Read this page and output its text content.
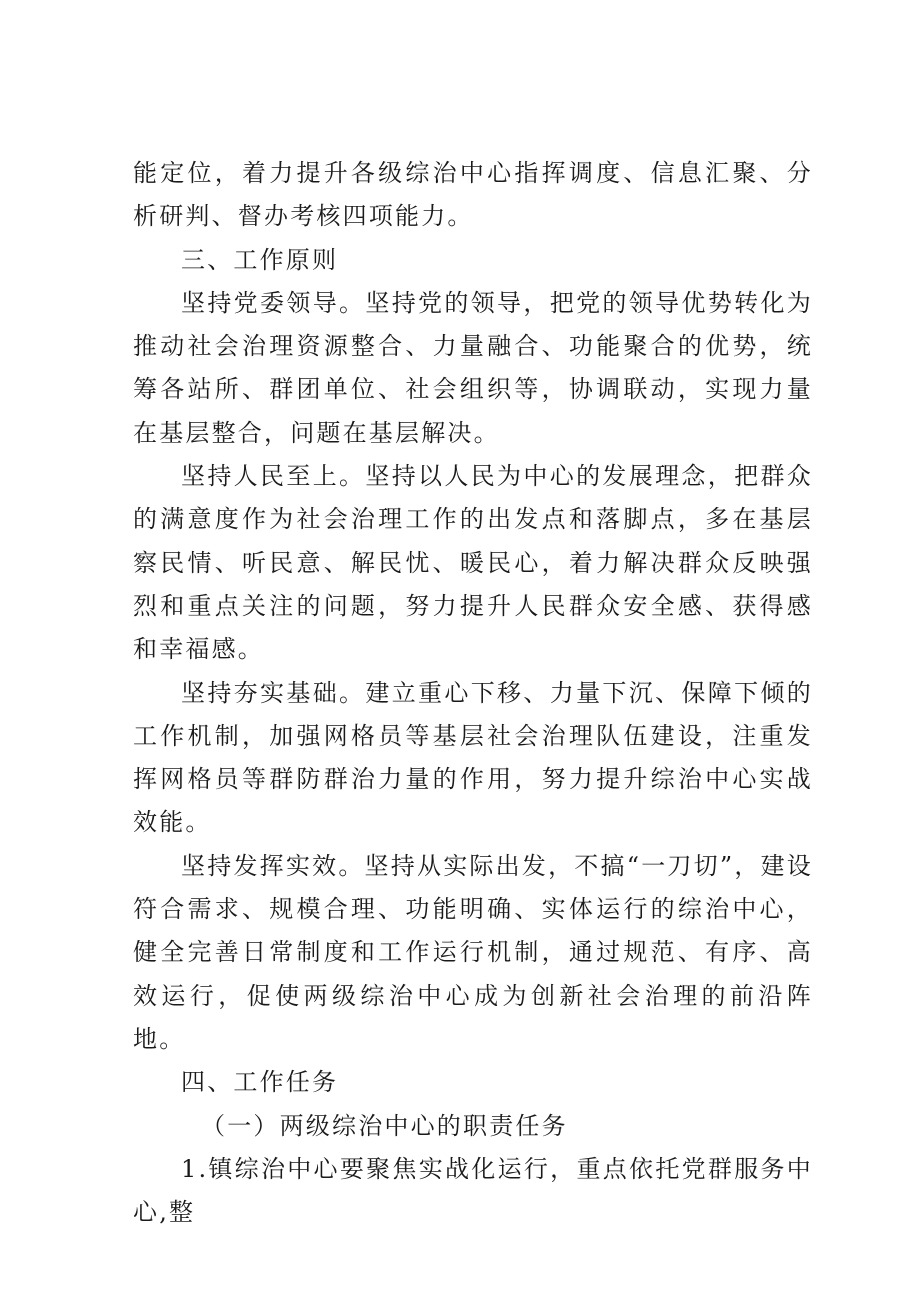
能定位，着力提升各级综治中心指挥调度、信息汇聚、分析研判、督办考核四项能力。

三、工作原则

坚持党委领导。坚持党的领导，把党的领导优势转化为推动社会治理资源整合、力量融合、功能聚合的优势，统筹各站所、群团单位、社会组织等，协调联动，实现力量在基层整合，问题在基层解决。

坚持人民至上。坚持以人民为中心的发展理念，把群众的满意度作为社会治理工作的出发点和落脚点，多在基层察民情、听民意、解民忧、暖民心，着力解决群众反映强烈和重点关注的问题，努力提升人民群众安全感、获得感和幸福感。

坚持夯实基础。建立重心下移、力量下沉、保障下倾的工作机制，加强网格员等基层社会治理队伍建设，注重发挥网格员等群防群治力量的作用，努力提升综治中心实战效能。

坚持发挥实效。坚持从实际出发，不搞“一刀切”，建设符合需求、规模合理、功能明确、实体运行的综治中心，健全完善日常制度和工作运行机制，通过规范、有序、高效运行，促使两级综治中心成为创新社会治理的前沿阵地。

四、工作任务

（一）两级综治中心的职责任务

1.镇综治中心要聚焦实战化运行，重点依托党群服务中心,整
